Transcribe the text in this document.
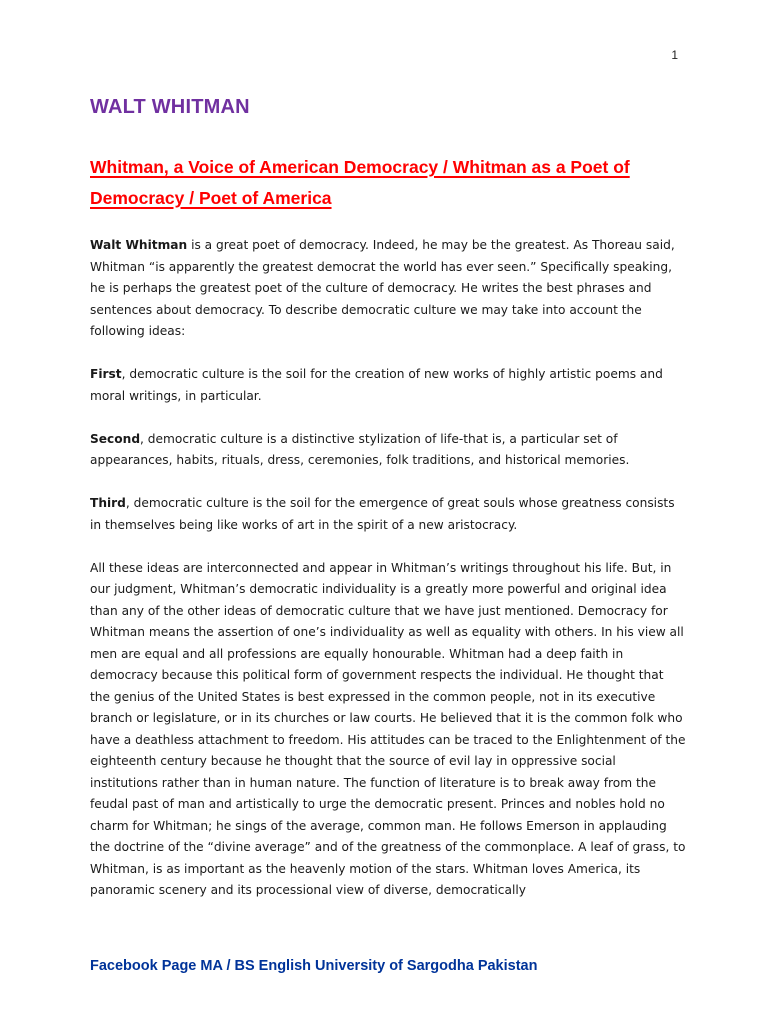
1
WALT WHITMAN
Whitman, a Voice of American Democracy / Whitman as a Poet of Democracy / Poet of America

Walt Whitman is a great poet of democracy. Indeed, he may be the greatest. As Thoreau said, Whitman “is apparently the greatest democrat the world has ever seen.” Specifically speaking, he is perhaps the greatest poet of the culture of democracy. He writes the best phrases and sentences about democracy. To describe democratic culture we may take into account the following ideas:

First, democratic culture is the soil for the creation of new works of highly artistic poems and moral writings, in particular.

Second, democratic culture is a distinctive stylization of life-that is, a particular set of appearances, habits, rituals, dress, ceremonies, folk traditions, and historical memories.

Third, democratic culture is the soil for the emergence of great souls whose greatness consists in themselves being like works of art in the spirit of a new aristocracy.

All these ideas are interconnected and appear in Whitman’s writings throughout his life. But, in our judgment, Whitman’s democratic individuality is a greatly more powerful and original idea than any of the other ideas of democratic culture that we have just mentioned. Democracy for Whitman means the assertion of one’s individuality as well as equality with others. In his view all men are equal and all professions are equally honourable. Whitman had a deep faith in democracy because this political form of government respects the individual. He thought that the genius of the United States is best expressed in the common people, not in its executive branch or legislature, or in its churches or law courts. He believed that it is the common folk who have a deathless attachment to freedom. His attitudes can be traced to the Enlightenment of the eighteenth century because he thought that the source of evil lay in oppressive social institutions rather than in human nature. The function of literature is to break away from the feudal past of man and artistically to urge the democratic present. Princes and nobles hold no charm for Whitman; he sings of the average, common man. He follows Emerson in applauding the doctrine of the “divine average” and of the greatness of the commonplace. A leaf of grass, to Whitman, is as important as the heavenly motion of the stars. Whitman loves America, its panoramic scenery and its processional view of diverse, democratically

Facebook Page MA / BS English University of Sargodha Pakistan
